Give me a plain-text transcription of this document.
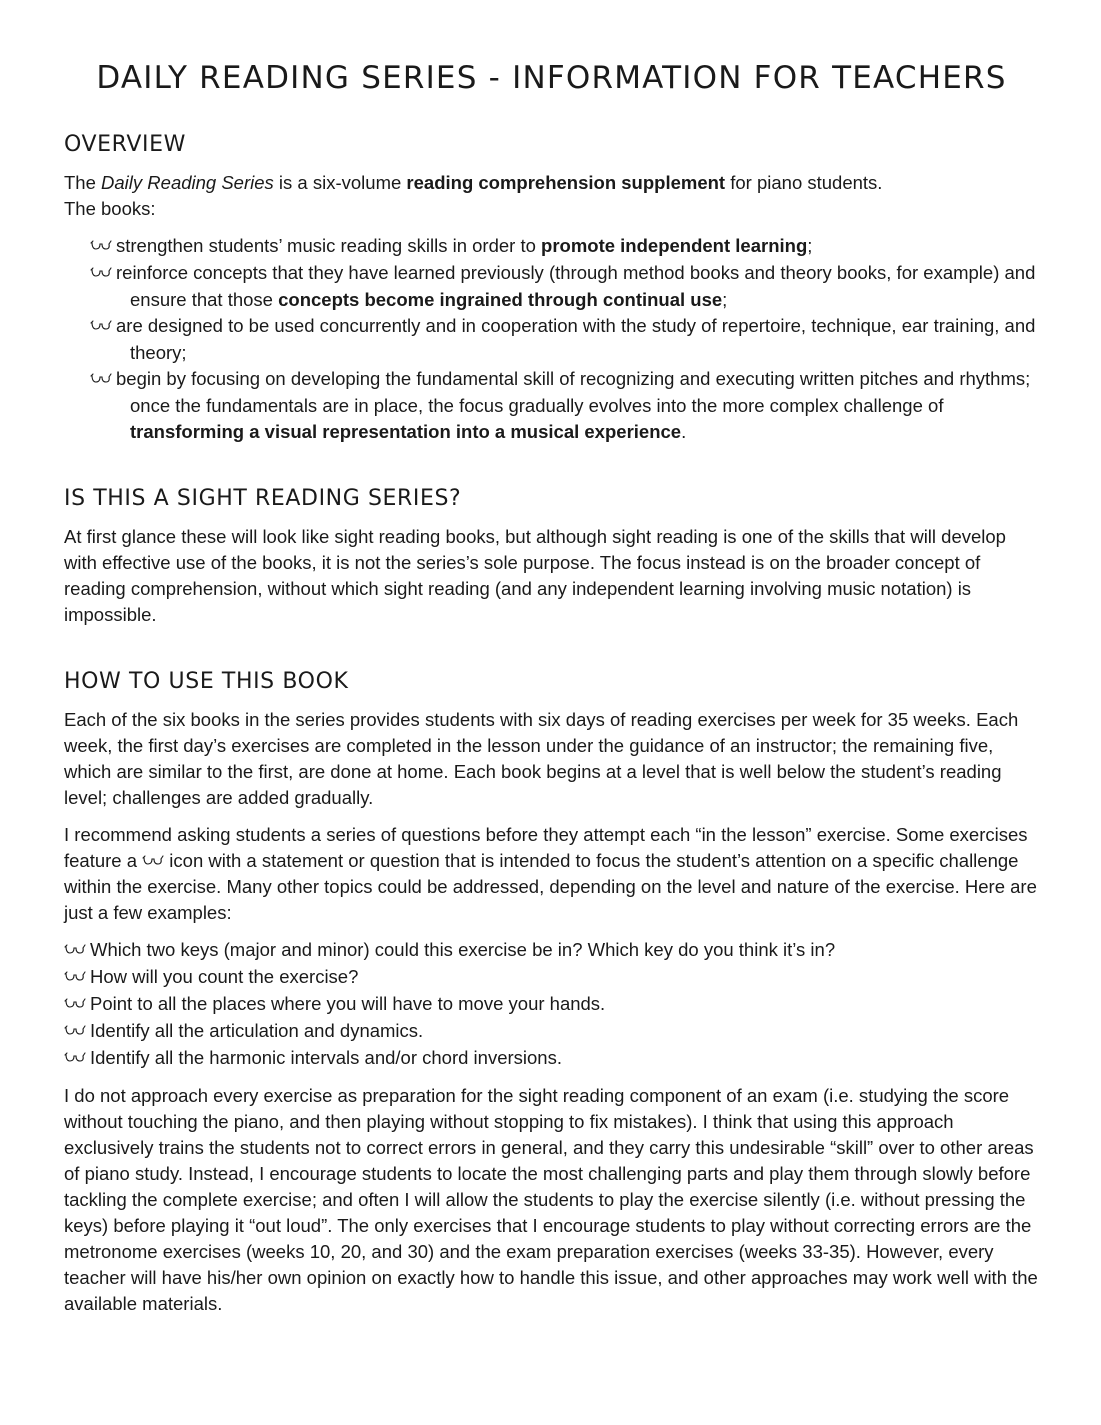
DAILY READING SERIES - INFORMATION FOR TEACHERS
OVERVIEW

The Daily Reading Series is a six-volume reading comprehension supplement for piano students.
The books:

strengthen students’ music reading skills in order to promote independent learning;
reinforce concepts that they have learned previously (through method books and theory books, for example) and ensure that those concepts become ingrained through continual use;
are designed to be used concurrently and in cooperation with the study of repertoire, technique, ear training, and theory;
begin by focusing on developing the fundamental skill of recognizing and executing written pitches and rhythms; once the fundamentals are in place, the focus gradually evolves into the more complex challenge of transforming a visual representation into a musical experience.
IS THIS A SIGHT READING SERIES?

At first glance these will look like sight reading books, but although sight reading is one of the skills that will develop with effective use of the books, it is not the series’s sole purpose. The focus instead is on the broader concept of reading comprehension, without which sight reading (and any independent learning involving music notation) is impossible.

HOW TO USE THIS BOOK

Each of the six books in the series provides students with six days of reading exercises per week for 35 weeks. Each week, the first day’s exercises are completed in the lesson under the guidance of an instructor; the remaining five, which are similar to the first, are done at home. Each book begins at a level that is well below the student’s reading level; challenges are added gradually.

I recommend asking students a series of questions before they attempt each “in the lesson” exercise. Some exercises feature a  icon with a statement or question that is intended to focus the student’s attention on a specific challenge within the exercise. Many other topics could be addressed, depending on the level and nature of the exercise. Here are just a few examples:

Which two keys (major and minor) could this exercise be in? Which key do you think it’s in?
How will you count the exercise?
Point to all the places where you will have to move your hands.
Identify all the articulation and dynamics.
Identify all the harmonic intervals and/or chord inversions.

I do not approach every exercise as preparation for the sight reading component of an exam (i.e. studying the score without touching the piano, and then playing without stopping to fix mistakes). I think that using this approach exclusively trains the students not to correct errors in general, and they carry this undesirable “skill” over to other areas of piano study. Instead, I encourage students to locate the most challenging parts and play them through slowly before tackling the complete exercise; and often I will allow the students to play the exercise silently (i.e. without pressing the keys) before playing it “out loud”. The only exercises that I encourage students to play without correcting errors are the metronome exercises (weeks 10, 20, and 30) and the exam preparation exercises (weeks 33-35). However, every teacher will have his/her own opinion on exactly how to handle this issue, and other approaches may work well with the available materials.
